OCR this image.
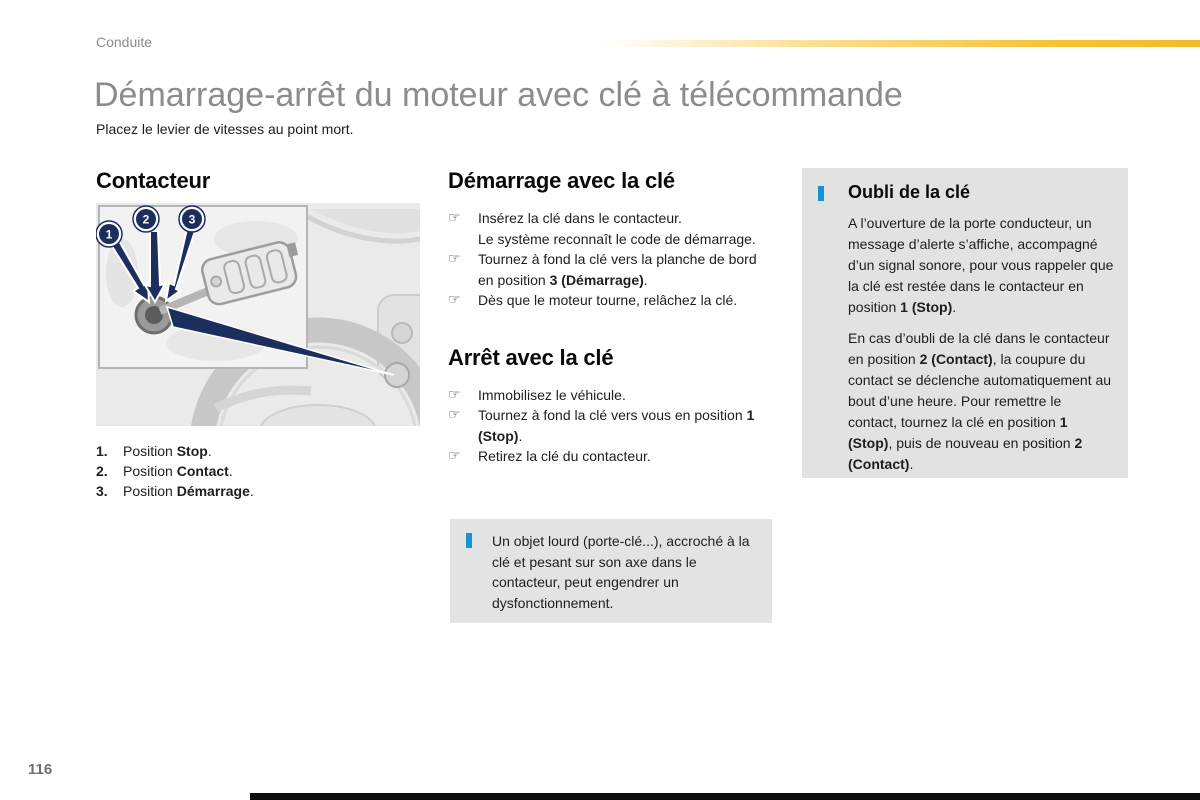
Conduite
Démarrage-arrêt du moteur avec clé à télécommande
Placez le levier de vitesses au point mort.
Contacteur
1
2	3
1. Position Stop.
2. Position Contact.
3. Position Démarrage.
Démarrage avec la clé
☞ Insérez la clé dans le contacteur.
Le système reconnaît le code de démarrage.
☞ Tournez à fond la clé vers la planche de bord en position 3 (Démarrage).
☞ Dès que le moteur tourne, relâchez la clé.
Arrêt avec la clé
☞ Immobilisez le véhicule.
☞ Tournez à fond la clé vers vous en position 1 (Stop).
☞ Retirez la clé du contacteur.
Un objet lourd (porte-clé...), accroché à la clé et pesant sur son axe dans le contacteur, peut engendrer un dysfonctionnement.
Oubli de la clé

A l’ouverture de la porte conducteur, un message d’alerte s’affiche, accompagné d’un signal sonore, pour vous rappeler que la clé est restée dans le contacteur en position 1 (Stop).

En cas d’oubli de la clé dans le contacteur en position 2 (Contact), la coupure du contact se déclenche automatiquement au bout d’une heure. Pour remettre le contact, tournez la clé en position 1 (Stop), puis de nouveau en position 2 (Contact).

116
